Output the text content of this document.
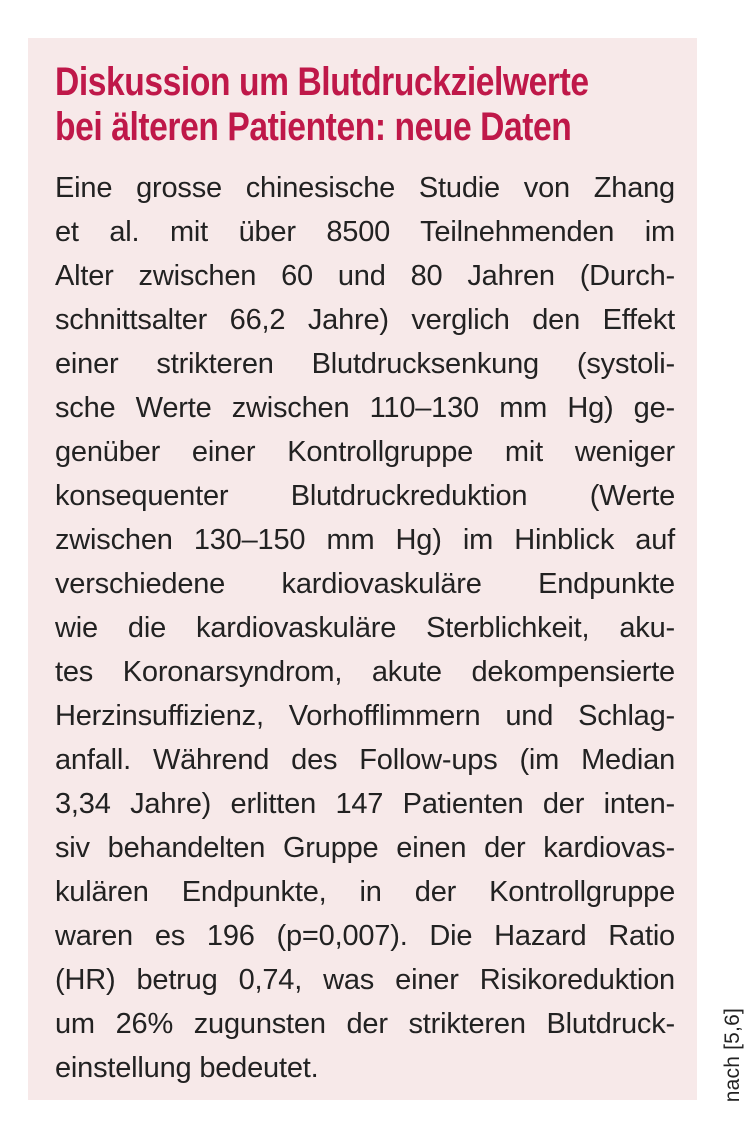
Diskussion um Blutdruckzielwerte
bei älteren Patienten: neue Daten
Eine grosse chinesische Studie von Zhang
et al. mit über 8500 Teilnehmenden im
Alter zwischen 60 und 80 Jahren (Durch-
schnittsalter 66,2 Jahre) verglich den Effekt
einer strikteren Blutdrucksenkung (systoli-
sche Werte zwischen 110–130 mm Hg) ge-
genüber einer Kontrollgruppe mit weniger
konsequenter Blutdruckreduktion (Werte
zwischen 130–150 mm Hg) im Hinblick auf
verschiedene kardiovaskuläre Endpunkte
wie die kardiovaskuläre Sterblichkeit, aku-
tes Koronarsyndrom, akute dekompensierte
Herzinsuffizienz, Vorhofflimmern und Schlag-
anfall. Während des Follow-ups (im Median
3,34 Jahre) erlitten 147 Patienten der inten-
siv behandelten Gruppe einen der kardiovas-
kulären Endpunkte, in der Kontrollgruppe
waren es 196 (p=0,007). Die Hazard Ratio
(HR) betrug 0,74, was einer Risikoreduktion
um 26% zugunsten der strikteren Blutdruck-
einstellung bedeutet.	nach [5,6]
